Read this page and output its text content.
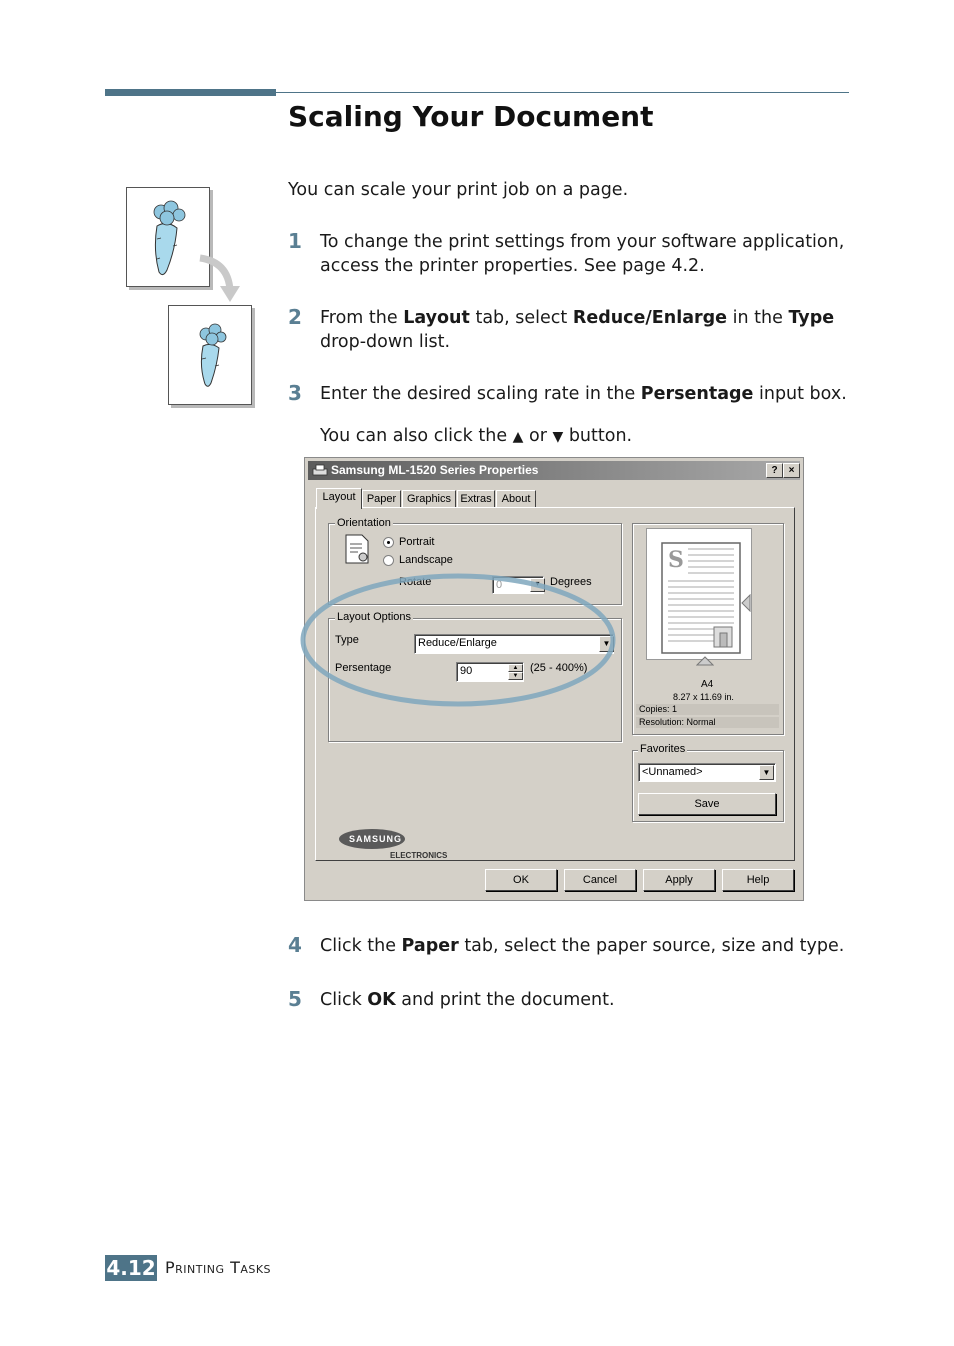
Scaling Your Document
You can scale your print job on a page.
1 To change the print settings from your software application,
access the printer properties. See page 4.2.
2 From the Layout tab, select Reduce/Enlarge in the Type
drop-down list.
3 Enter the desired scaling rate in the Persentage input box.
You can also click the ▲ or ▼ button.
Samsung ML-1520 Series Properties	?	×
Layout	Paper Graphics Extras About
Orientation
Portrait
Landscape
Rotate	0	▾ Degrees
Layout Options
Type	Reduce/Enlarge	▼
Persentage	90	▲
▼
(25 - 400%)
S
A4
8.27 x 11.69 in.
Copies: 1
Resolution: Normal
Favorites
<Unnamed>	▼
Save
SAMSUNG
ELECTRONICS
OK	Cancel	Apply	Help
4 Click the Paper tab, select the paper source, size and type.
5 Click OK and print the document.
4.12 Printing Tasks
